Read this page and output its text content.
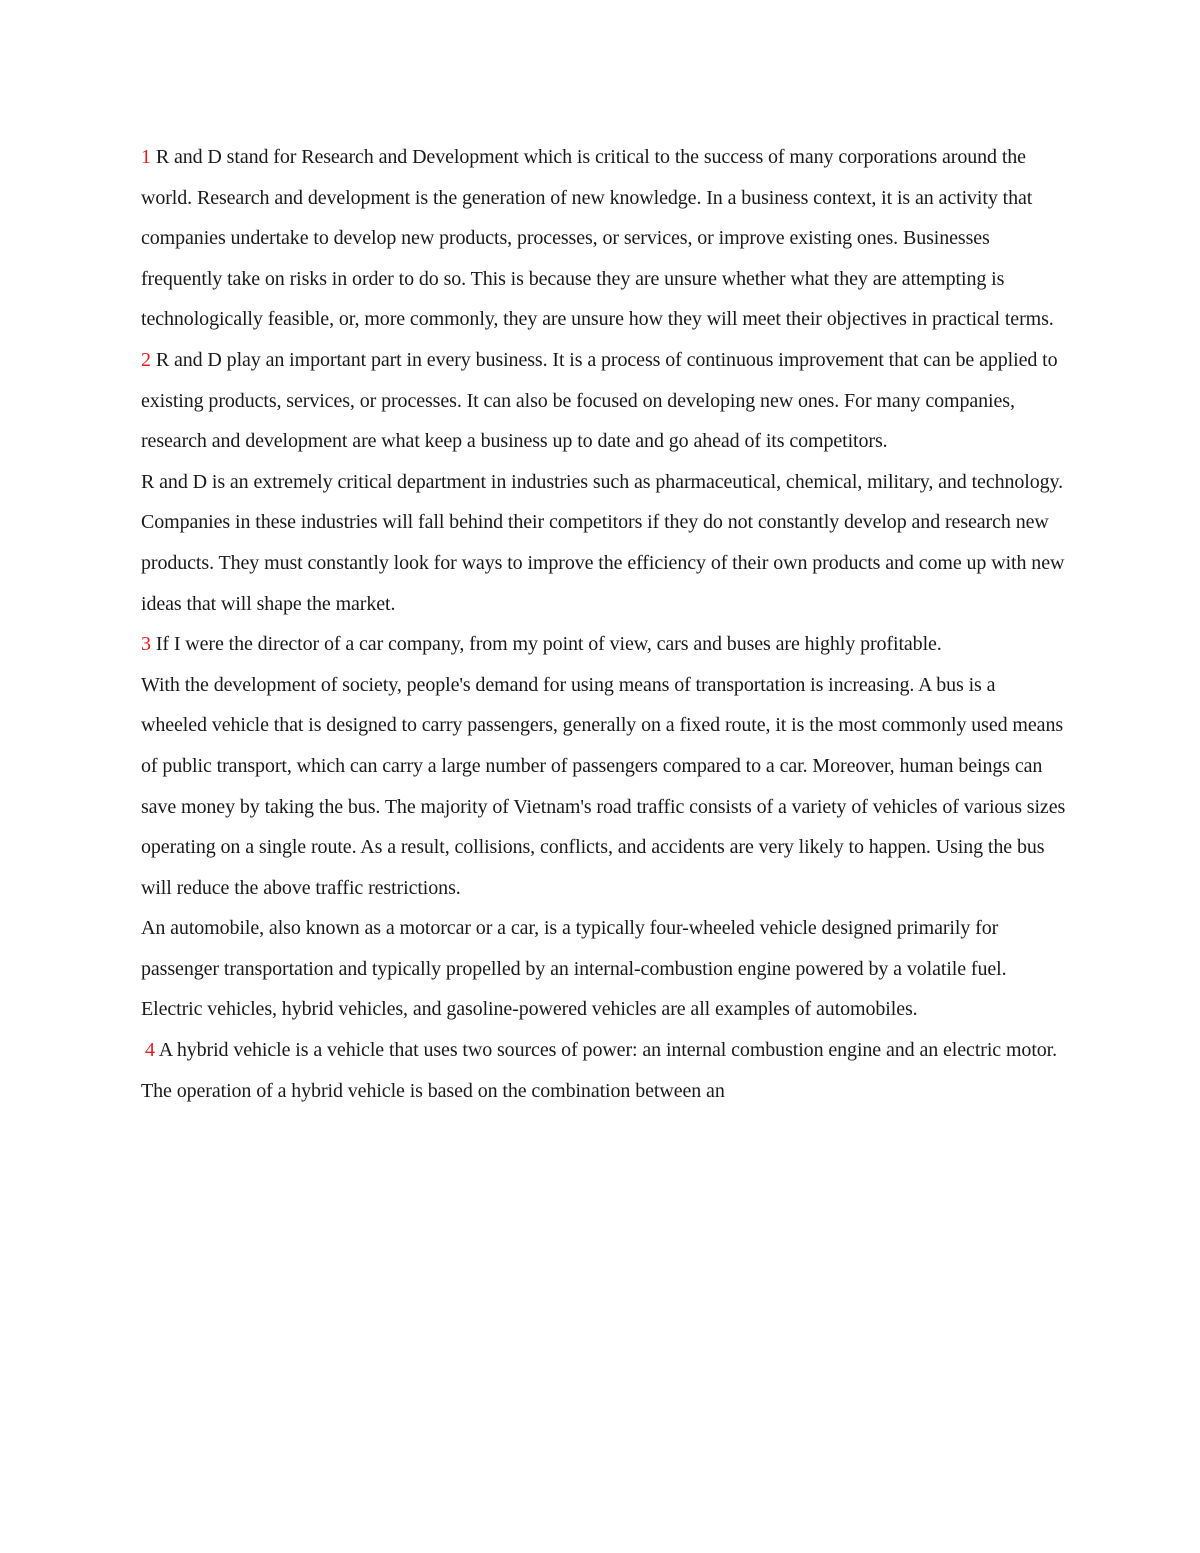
1 R and D stand for Research and Development which is critical to the success of many corporations around the world. Research and development is the generation of new knowledge. In a business context, it is an activity that companies undertake to develop new products, processes, or services, or improve existing ones. Businesses frequently take on risks in order to do so. This is because they are unsure whether what they are attempting is technologically feasible, or, more commonly, they are unsure how they will meet their objectives in practical terms.

2 R and D play an important part in every business. It is a process of continuous improvement that can be applied to existing products, services, or processes. It can also be focused on developing new ones. For many companies, research and development are what keep a business up to date and go ahead of its competitors.

R and D is an extremely critical department in industries such as pharmaceutical, chemical, military, and technology. Companies in these industries will fall behind their competitors if they do not constantly develop and research new products. They must constantly look for ways to improve the efficiency of their own products and come up with new ideas that will shape the market.

3 If I were the director of a car company, from my point of view, cars and buses are highly profitable.

With the development of society, people's demand for using means of transportation is increasing. A bus is a wheeled vehicle that is designed to carry passengers, generally on a fixed route, it is the most commonly used means of public transport, which can carry a large number of passengers compared to a car. Moreover, human beings can save money by taking the bus. The majority of Vietnam's road traffic consists of a variety of vehicles of various sizes operating on a single route. As a result, collisions, conflicts, and accidents are very likely to happen. Using the bus will reduce the above traffic restrictions.

An automobile, also known as a motorcar or a car, is a typically four-wheeled vehicle designed primarily for passenger transportation and typically propelled by an internal-combustion engine powered by a volatile fuel. Electric vehicles, hybrid vehicles, and gasoline-powered vehicles are all examples of automobiles.

4 A hybrid vehicle is a vehicle that uses two sources of power: an internal combustion engine and an electric motor. The operation of a hybrid vehicle is based on the combination between an
